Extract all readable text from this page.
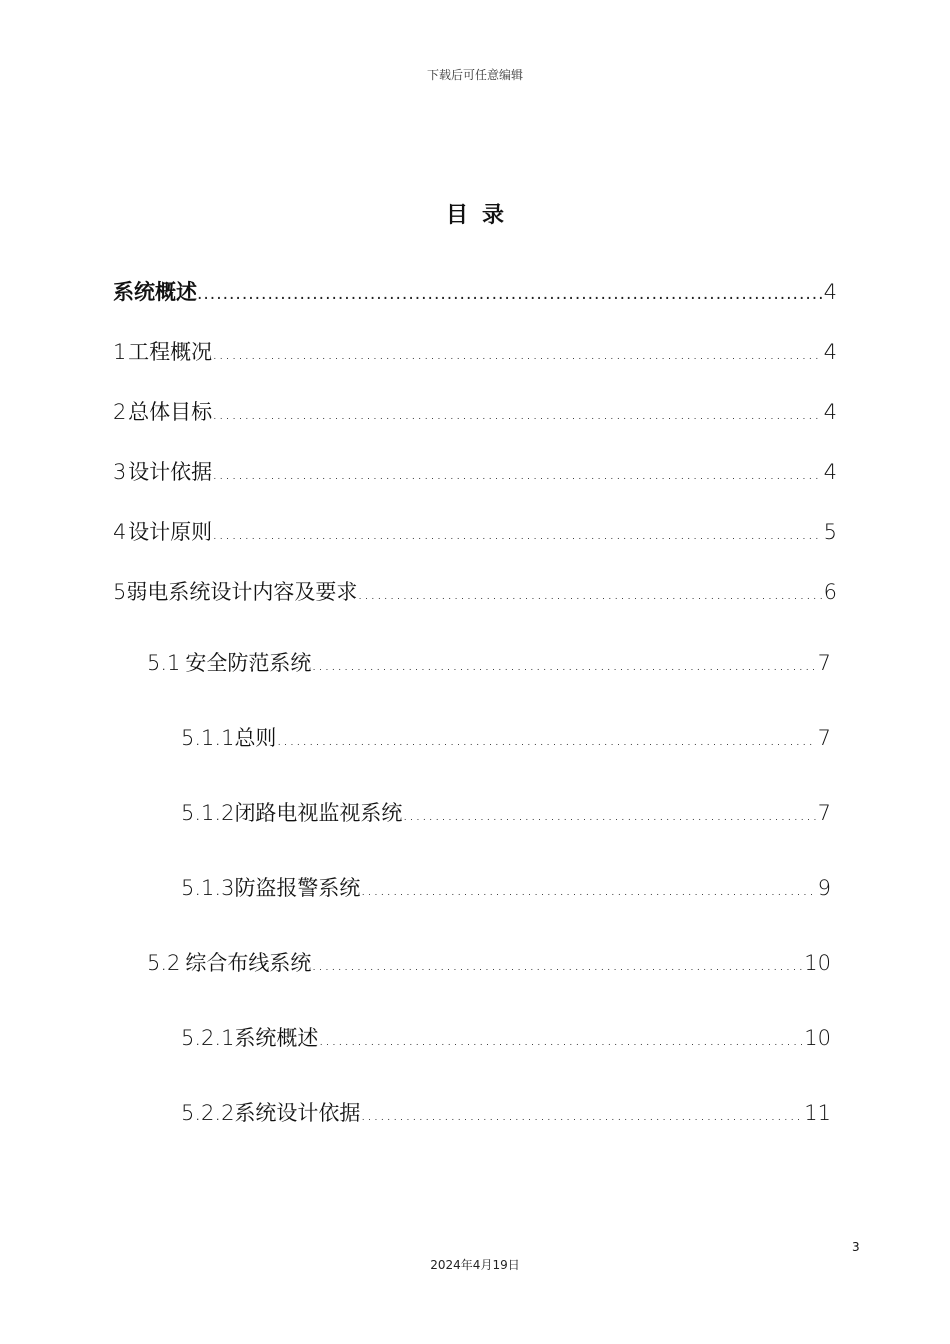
下载后可任意编辑
目录
系统概述 .....	4
1 工程概况 .....	4
2 总体目标 .....	4
3 设计依据 .....	4
4 设计原则 .....	5
5 弱电系统设计内容及要求 .....	6
5.1 安全防范系统 .....	7
5.1.1 总则 .....	7
5.1.2 闭路电视监视系统 .....	7
5.1.3 防盗报警系统 .....	9
5.2 综合布线系统 .....	10
5.2.1 系统概述 .....	10
5.2.2 系统设计依据 .....	11
3
2024年4月19日
